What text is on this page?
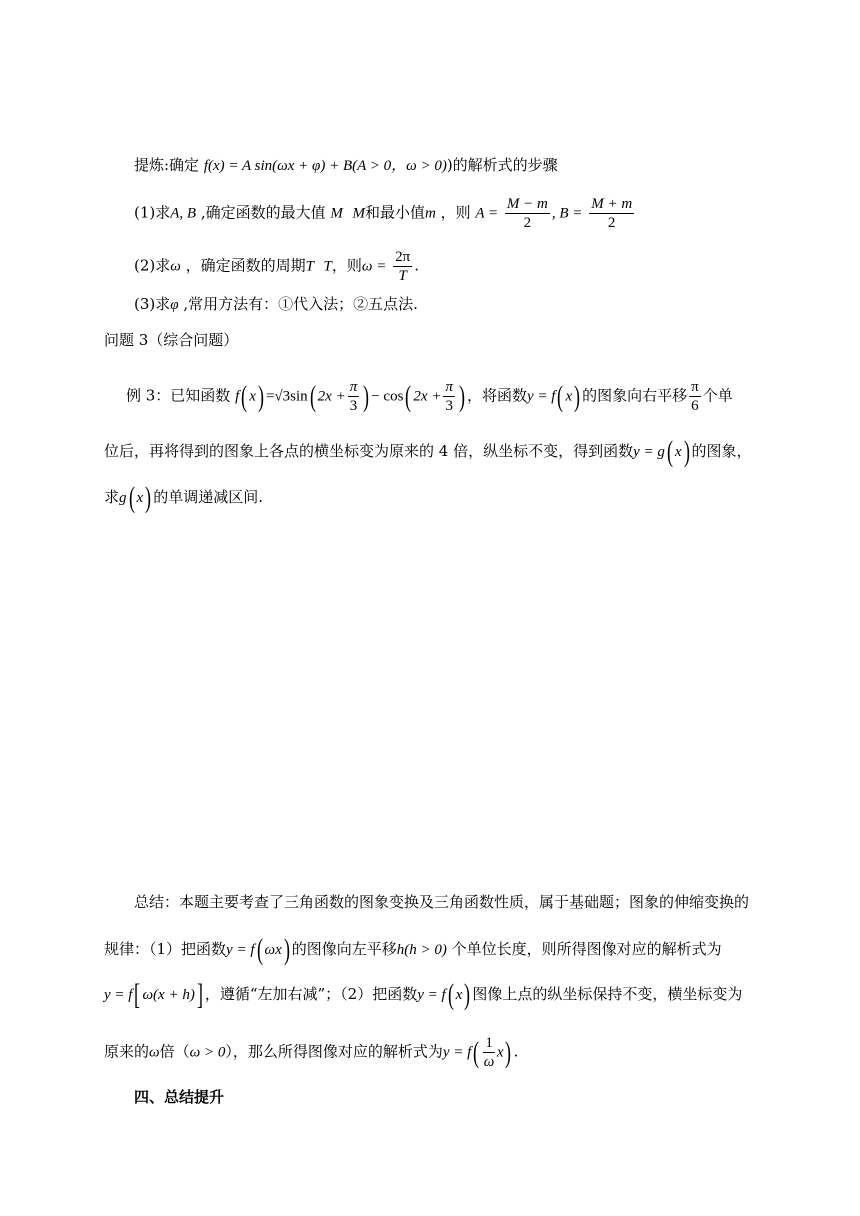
提炼:确定 f(x) = A sin(ωx + φ) + B(A > 0，ω > 0))的解析式的步骤
(1)求A, B ,确定函数的最大值 M M和最小值m ，则 $A = \frac{M - m}{2}$ , $B = \frac{M + m}{2}$
(2)求ω ，确定函数的周期T T，则$\omega = \frac{2\pi}{T}$ .
(3)求φ ,常用方法有：①代入法；②五点法.
问题 3（综合问题）
例 3：已知函数 f( x) =√3sin( $2x + \frac{\pi}{3}$ ) − cos( $2x + \frac{\pi}{3}$ ) ，将函数y = f( x) 的图象向右平移 $\frac{\pi}{6}$ 个单
位后，再将得到的图象上各点的横坐标变为原来的 4 倍，纵坐标不变，得到函数y = g( x) 的图象，
求g( x) 的单调递减区间.
总结：本题主要考查了三角函数的图象变换及三角函数性质，属于基础题；图象的伸缩变换的
规律：（1）把函数y = f( ωx) 的图像向左平移h(h > 0) 个单位长度，则所得图像对应的解析式为
y = f[ ω(x + h)] ，遵循“左加右减”；（2）把函数y = f( x) 图像上点的纵坐标保持不变，横坐标变为
原来的ω倍（ω > 0），那么所得图像对应的解析式为$y = f( \frac{1}{\omega} x)$ .
四、总结提升
